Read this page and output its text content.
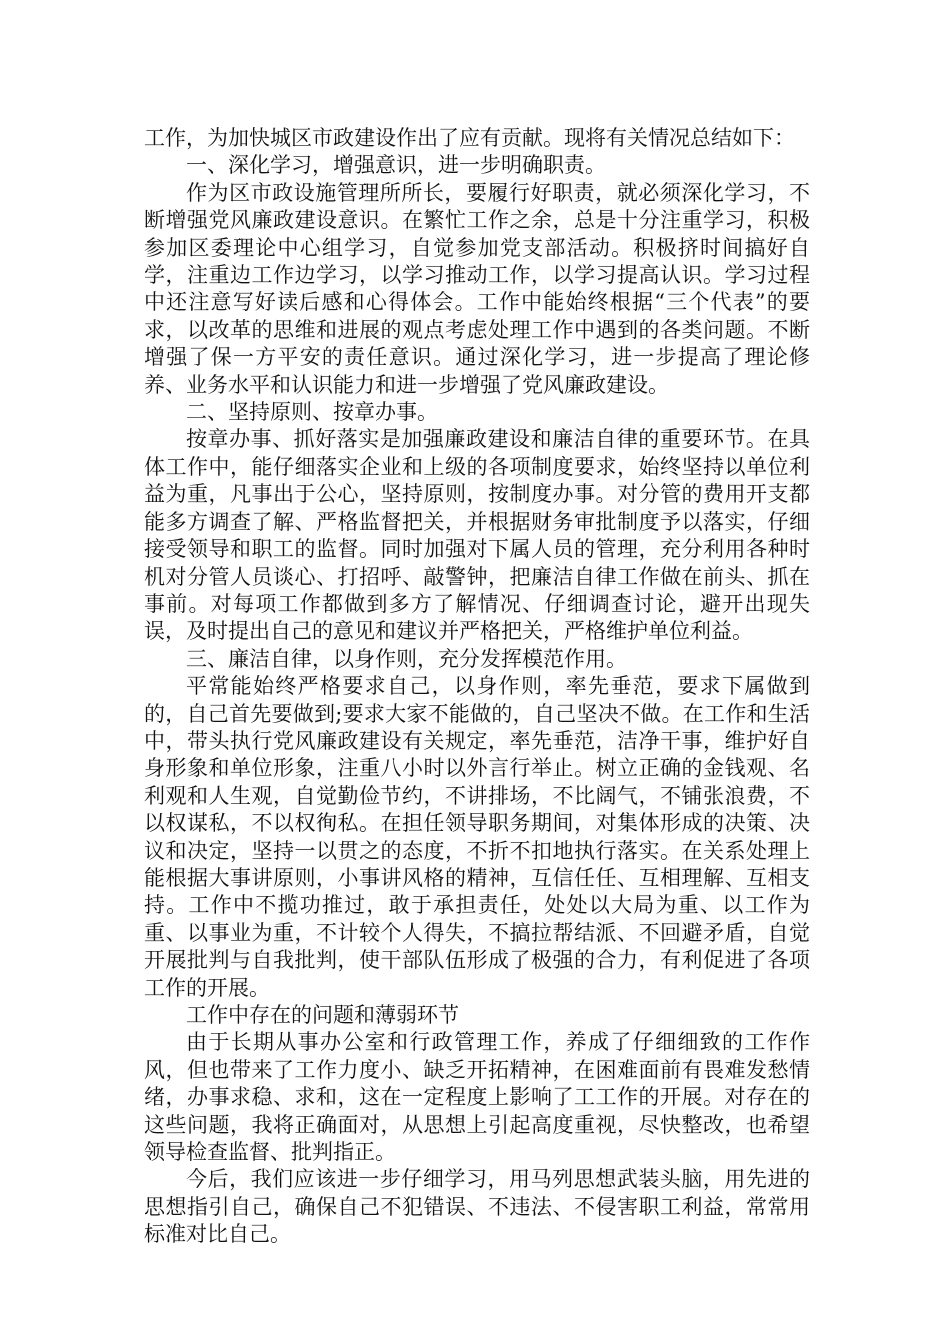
工作，为加快城区市政建设作出了应有贡献。现将有关情况总结如下：

一、深化学习，增强意识，进一步明确职责。

作为区市政设施管理所所长，要履行好职责，就必须深化学习，不断增强党风廉政建设意识。在繁忙工作之余，总是十分注重学习，积极参加区委理论中心组学习，自觉参加党支部活动。积极挤时间搞好自学，注重边工作边学习，以学习推动工作，以学习提高认识。学习过程中还注意写好读后感和心得体会。工作中能始终根据“三个代表”的要求，以改革的思维和进展的观点考虑处理工作中遇到的各类问题。不断增强了保一方平安的责任意识。通过深化学习，进一步提高了理论修养、业务水平和认识能力和进一步增强了党风廉政建设。

二、坚持原则、按章办事。

按章办事、抓好落实是加强廉政建设和廉洁自律的重要环节。在具体工作中，能仔细落实企业和上级的各项制度要求，始终坚持以单位利益为重，凡事出于公心，坚持原则，按制度办事。对分管的费用开支都能多方调查了解、严格监督把关，并根据财务审批制度予以落实，仔细接受领导和职工的监督。同时加强对下属人员的管理，充分利用各种时机对分管人员谈心、打招呼、敲警钟，把廉洁自律工作做在前头、抓在事前。对每项工作都做到多方了解情况、仔细调查讨论，避开出现失误，及时提出自己的意见和建议并严格把关，严格维护单位利益。

三、廉洁自律，以身作则，充分发挥模范作用。

平常能始终严格要求自己，以身作则，率先垂范，要求下属做到的，自己首先要做到;要求大家不能做的，自己坚决不做。在工作和生活中，带头执行党风廉政建设有关规定，率先垂范，洁净干事，维护好自身形象和单位形象，注重八小时以外言行举止。树立正确的金钱观、名利观和人生观，自觉勤俭节约，不讲排场，不比阔气，不铺张浪费，不以权谋私，不以权徇私。在担任领导职务期间，对集体形成的决策、决议和决定，坚持一以贯之的态度，不折不扣地执行落实。在关系处理上能根据大事讲原则，小事讲风格的精神，互信任任、互相理解、互相支持。工作中不揽功推过，敢于承担责任，处处以大局为重、以工作为重、以事业为重，不计较个人得失，不搞拉帮结派、不回避矛盾，自觉开展批判与自我批判，使干部队伍形成了极强的合力，有利促进了各项工作的开展。

工作中存在的问题和薄弱环节

由于长期从事办公室和行政管理工作，养成了仔细细致的工作作风，但也带来了工作力度小、缺乏开拓精神，在困难面前有畏难发愁情绪，办事求稳、求和，这在一定程度上影响了工工作的开展。对存在的这些问题，我将正确面对，从思想上引起高度重视，尽快整改，也希望领导检查监督、批判指正。

今后，我们应该进一步仔细学习，用马列思想武装头脑，用先进的思想指引自己，确保自己不犯错误、不违法、不侵害职工利益，常常用标准对比自己。
